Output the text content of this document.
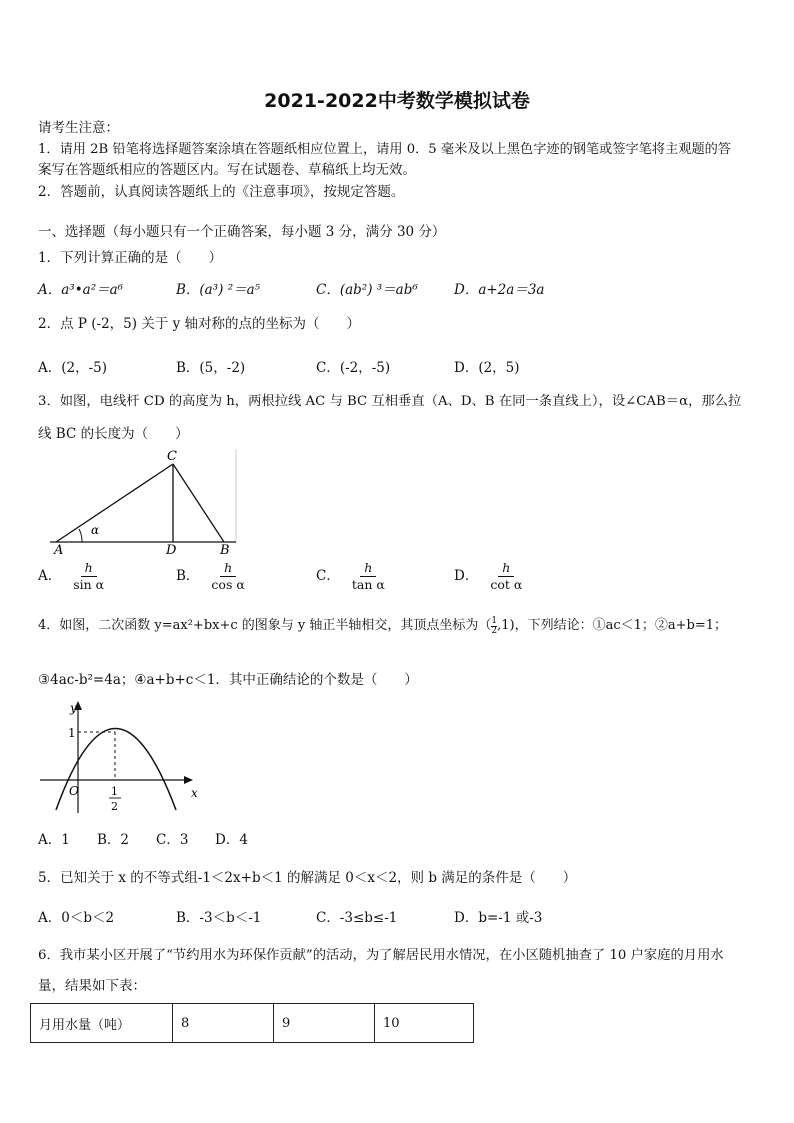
2021-2022中考数学模拟试卷
请考生注意：
1．请用 2B 铅笔将选择题答案涂填在答题纸相应位置上，请用 0．5 毫米及以上黑色字迹的钢笔或签字笔将主观题的答
案写在答题纸相应的答题区内。写在试题卷、草稿纸上均无效。
2．答题前，认真阅读答题纸上的《注意事项》，按规定答题。
一、选择题（每小题只有一个正确答案，每小题 3 分，满分 30 分）
1．下列计算正确的是（　　）
A．a³•a²＝a⁶	B．(a³) ²＝a⁵	C．(ab²) ³＝ab⁶	D．a+2a＝3a
2．点 P (-2，5) 关于 y 轴对称的点的坐标为（　　）
A．(2，-5)	B．(5，-2)	C．(-2，-5)	D．(2，5)
3．如图，电线杆 CD 的高度为 h，两根拉线 AC 与 BC 互相垂直（A、D、B 在同一条直线上），设∠CAB＝α，那么拉
线 BC 的长度为（　　）
C
A	D	B
α
A． $\frac{h}{\text{sin α}}$	B． $\frac{h}{\text{cos α}}$	C． $\frac{h}{\text{tan α}}$	D． $\frac{h}{\text{cot α}}$
4．如图，二次函数 y=ax²+bx+c 的图象与 y 轴正半轴相交，其顶点坐标为（ $\frac{1}{2} ,1$)，下列结论：①ac＜1；②a+b=1；
③4ac-b²=4a；④a+b+c＜1．其中正确结论的个数是（　　）
y
x
1
O	1
2
A．1 B．2 C．3 D．4
5．已知关于 x 的不等式组-1＜2x+b＜1 的解满足 0＜x＜2，则 b 满足的条件是（　　）
A．0＜b＜2	B．-3＜b＜-1	C．-3≤b≤-1	D．b=-1 或-3
6．我市某小区开展了“节约用水为环保作贡献”的活动，为了解居民用水情况，在小区随机抽查了 10 户家庭的月用水
量，结果如下表：
月用水量（吨）	8	9	10
